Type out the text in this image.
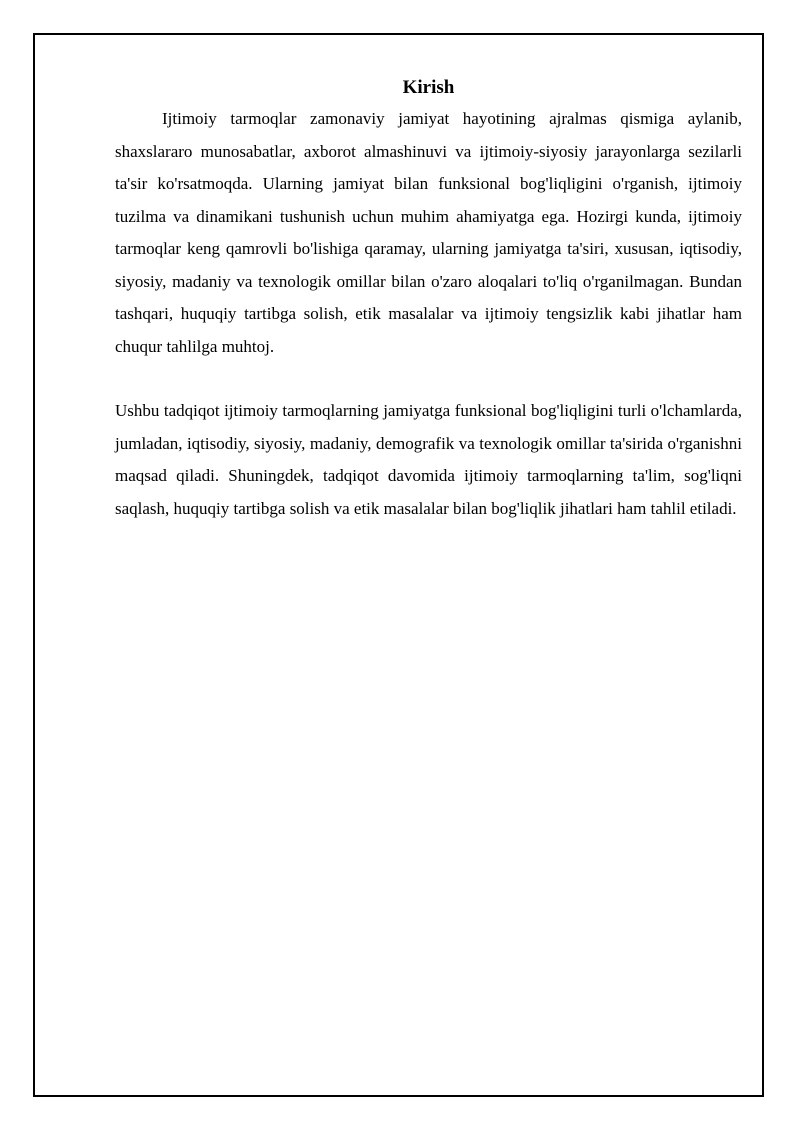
Kirish

Ijtimoiy tarmoqlar zamonaviy jamiyat hayotining ajralmas qismiga aylanib, shaxslararo munosabatlar, axborot almashinuvi va ijtimoiy-siyosiy jarayonlarga sezilarli ta'sir ko'rsatmoqda. Ularning jamiyat bilan funksional bog'liqligini o'rganish, ijtimoiy tuzilma va dinamikani tushunish uchun muhim ahamiyatga ega. Hozirgi kunda, ijtimoiy tarmoqlar keng qamrovli bo'lishiga qaramay, ularning jamiyatga ta'siri, xususan, iqtisodiy, siyosiy, madaniy va texnologik omillar bilan o'zaro aloqalari to'liq o'rganilmagan. Bundan tashqari, huquqiy tartibga solish, etik masalalar va ijtimoiy tengsizlik kabi jihatlar ham chuqur tahlilga muhtoj.

Ushbu tadqiqot ijtimoiy tarmoqlarning jamiyatga funksional bog'liqligini turli o'lchamlarda, jumladan, iqtisodiy, siyosiy, madaniy, demografik va texnologik omillar ta'sirida o'rganishni maqsad qiladi. Shuningdek, tadqiqot davomida ijtimoiy tarmoqlarning ta'lim, sog'liqni saqlash, huquqiy tartibga solish va etik masalalar bilan bog'liqlik jihatlari ham tahlil etiladi.
